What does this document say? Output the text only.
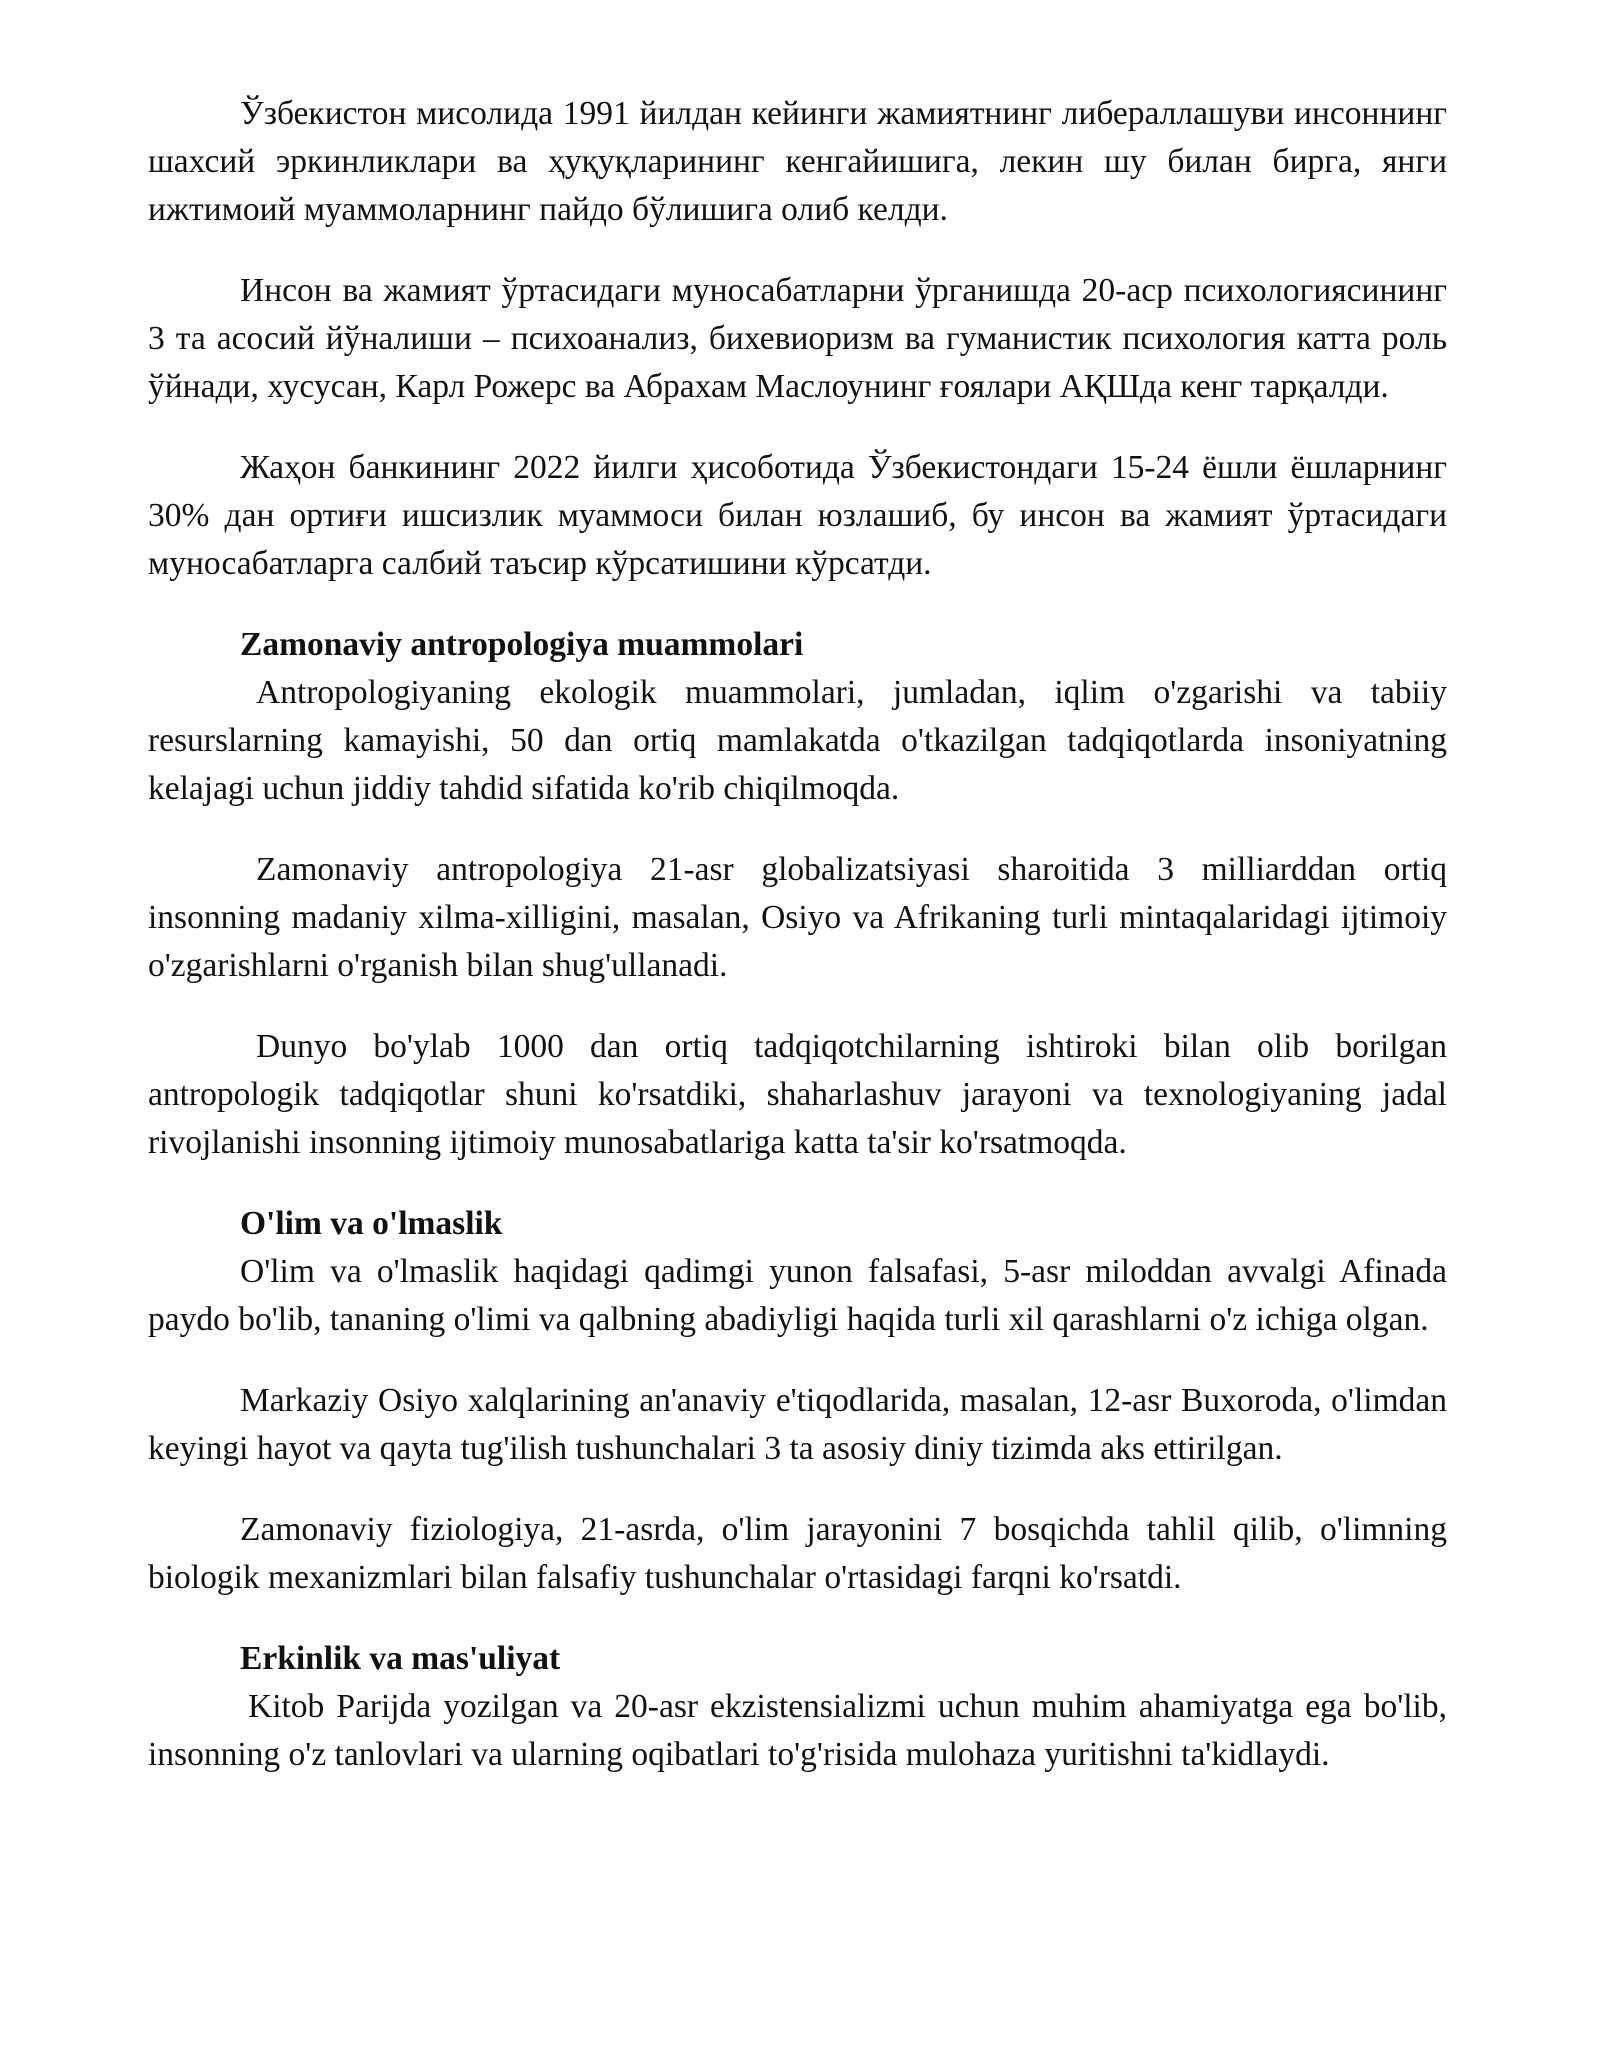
Ўзбекистон мисолида 1991 йилдан кейинги жамиятнинг либераллашуви инсоннинг шахсий эркинликлари ва ҳуқуқларининг кенгайишига, лекин шу билан бирга, янги ижтимоий муаммоларнинг пайдо бўлишига олиб келди.

Инсон ва жамият ўртасидаги муносабатларни ўрганишда 20-аср психологиясининг 3 та асосий йўналиши – психоанализ, бихевиоризм ва гуманистик психология катта роль ўйнади, хусусан, Карл Рожерс ва Абрахам Маслоунинг ғоялари АҚШда кенг тарқалди.

Жаҳон банкининг 2022 йилги ҳисоботида Ўзбекистондаги 15-24 ёшли ёшларнинг 30% дан ортиғи ишсизлик муаммоси билан юзлашиб, бу инсон ва жамият ўртасидаги муносабатларга салбий таъсир кўрсатишини кўрсатди.

Zamonaviy antropologiya muammolari

Antropologiyaning ekologik muammolari, jumladan, iqlim o'zgarishi va tabiiy resurslarning kamayishi, 50 dan ortiq mamlakatda o'tkazilgan tadqiqotlarda insoniyatning kelajagi uchun jiddiy tahdid sifatida ko'rib chiqilmoqda.

Zamonaviy antropologiya 21-asr globalizatsiyasi sharoitida 3 milliarddan ortiq insonning madaniy xilma-xilligini, masalan, Osiyo va Afrikaning turli mintaqalaridagi ijtimoiy o'zgarishlarni o'rganish bilan shug'ullanadi.

Dunyo bo'ylab 1000 dan ortiq tadqiqotchilarning ishtiroki bilan olib borilgan antropologik tadqiqotlar shuni ko'rsatdiki, shaharlashuv jarayoni va texnologiyaning jadal rivojlanishi insonning ijtimoiy munosabatlariga katta ta'sir ko'rsatmoqda.

O'lim va o'lmaslik

O'lim va o'lmaslik haqidagi qadimgi yunon falsafasi, 5-asr miloddan avvalgi Afinada paydo bo'lib, tananing o'limi va qalbning abadiyligi haqida turli xil qarashlarni o'z ichiga olgan.

Markaziy Osiyo xalqlarining an'anaviy e'tiqodlarida, masalan, 12-asr Buxoroda, o'limdan keyingi hayot va qayta tug'ilish tushunchalari 3 ta asosiy diniy tizimda aks ettirilgan.

Zamonaviy fiziologiya, 21-asrda, o'lim jarayonini 7 bosqichda tahlil qilib, o'limning biologik mexanizmlari bilan falsafiy tushunchalar o'rtasidagi farqni ko'rsatdi.

Erkinlik va mas'uliyat

Kitob Parijda yozilgan va 20-asr ekzistensializmi uchun muhim ahamiyatga ega bo'lib, insonning o'z tanlovlari va ularning oqibatlari to'g'risida mulohaza yuritishni ta'kidlaydi.
